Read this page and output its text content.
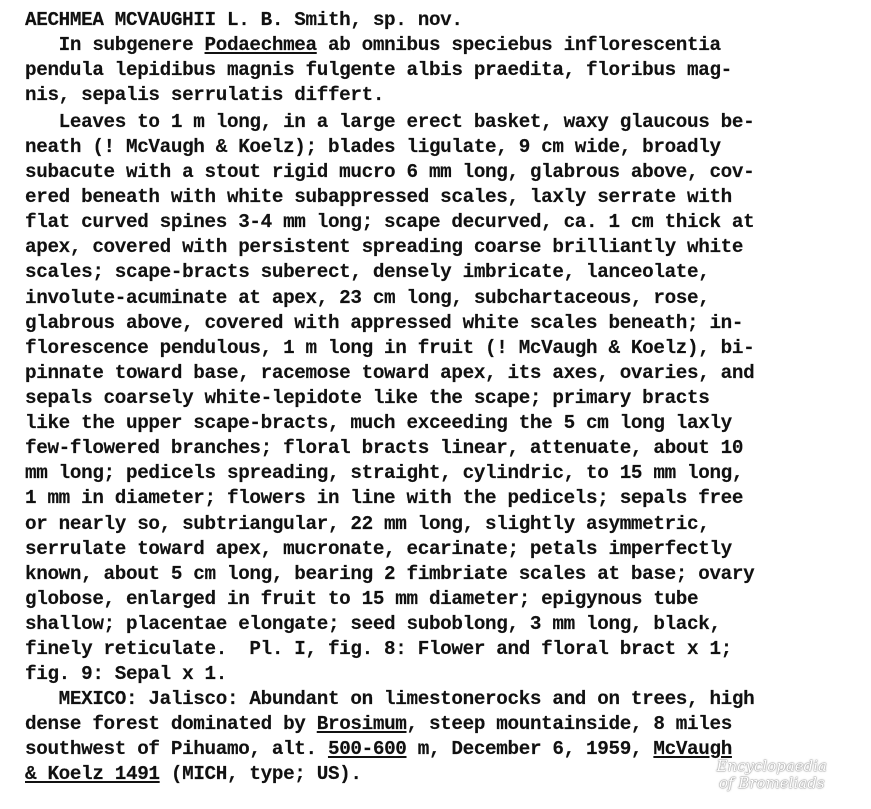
AECHMEA MCVAUGHII L. B. Smith, sp. nov.
In subgenere Podaechmea ab omnibus speciebus inflorescentia
pendula lepidibus magnis fulgente albis praedita, floribus mag-
nis, sepalis serrulatis differt.
Leaves to 1 m long, in a large erect basket, waxy glaucous be-
neath (! McVaugh & Koelz); blades ligulate, 9 cm wide, broadly
subacute with a stout rigid mucro 6 mm long, glabrous above, cov-
ered beneath with white subappressed scales, laxly serrate with
flat curved spines 3-4 mm long; scape decurved, ca. 1 cm thick at
apex, covered with persistent spreading coarse brilliantly white
scales; scape-bracts suberect, densely imbricate, lanceolate,
involute-acuminate at apex, 23 cm long, subchartaceous, rose,
glabrous above, covered with appressed white scales beneath; in-
florescence pendulous, 1 m long in fruit (! McVaugh & Koelz), bi-
pinnate toward base, racemose toward apex, its axes, ovaries, and
sepals coarsely white-lepidote like the scape; primary bracts
like the upper scape-bracts, much exceeding the 5 cm long laxly
few-flowered branches; floral bracts linear, attenuate, about 10
mm long; pedicels spreading, straight, cylindric, to 15 mm long,
1 mm in diameter; flowers in line with the pedicels; sepals free
or nearly so, subtriangular, 22 mm long, slightly asymmetric,
serrulate toward apex, mucronate, ecarinate; petals imperfectly
known, about 5 cm long, bearing 2 fimbriate scales at base; ovary
globose, enlarged in fruit to 15 mm diameter; epigynous tube
shallow; placentae elongate; seed suboblong, 3 mm long, black,
finely reticulate.  Pl. I, fig. 8: Flower and floral bract x 1;
fig. 9: Sepal x 1.
MEXICO: Jalisco: Abundant on limestonerocks and on trees, high
dense forest dominated by Brosimum, steep mountainside, 8 miles
southwest of Pihuamo, alt. 500-600 m, December 6, 1959, McVaugh
& Koelz 1491 (MICH, type; US).	Encyclopaedia
of Bromeliads
